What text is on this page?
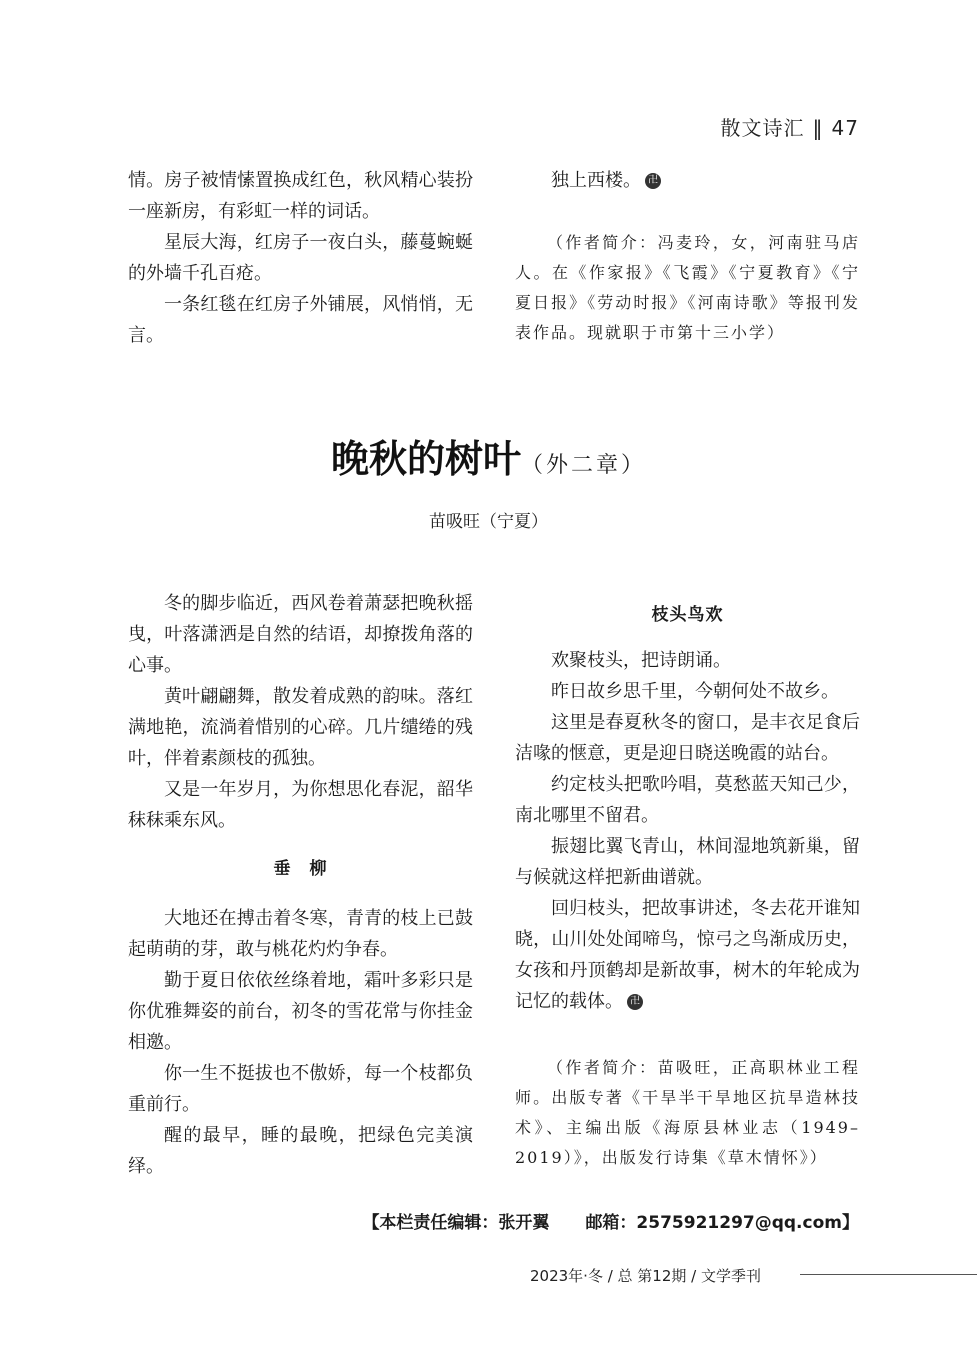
散文诗汇 ‖ 47

情。房子被情愫置换成红色，秋风精心装扮一座新房，有彩虹一样的词话。

星辰大海，红房子一夜白头，藤蔓蜿蜒的外墙千孔百疮。

一条红毯在红房子外铺展，风悄悄，无言。

独上西楼。 卍

（作者简介：冯麦玲，女，河南驻马店人。在《作家报》《飞霞》《宁夏教育》《宁夏日报》《劳动时报》《河南诗歌》等报刊发表作品。现就职于市第十三小学）

晚秋的树叶（外二章）
苗吸旺（宁夏）

冬的脚步临近，西风卷着萧瑟把晚秋摇曳，叶落潇洒是自然的结语，却撩拨角落的心事。

黄叶翩翩舞，散发着成熟的韵味。落红满地艳，流淌着惜别的心碎。几片缱绻的残叶，伴着素颜枝的孤独。

又是一年岁月，为你想思化春泥，韶华秣秣乘东风。

垂　柳

大地还在搏击着冬寒，青青的枝上已鼓起萌萌的芽，敢与桃花灼灼争春。

勤于夏日依依丝绦着地，霜叶多彩只是你优雅舞姿的前台，初冬的雪花常与你挂金相邀。

你一生不挺拔也不傲娇，每一个枝都负重前行。

醒的最早，睡的最晚，把绿色完美演绎。

枝头鸟欢

欢聚枝头，把诗朗诵。

昨日故乡思千里，今朝何处不故乡。

这里是春夏秋冬的窗口，是丰衣足食后洁喙的惬意，更是迎日晓送晚霞的站台。

约定枝头把歌吟唱，莫愁蓝天知己少，南北哪里不留君。

振翅比翼飞青山，林间湿地筑新巢，留与候就这样把新曲谱就。

回归枝头，把故事讲述，冬去花开谁知晓，山川处处闻啼鸟，惊弓之鸟渐成历史，女孩和丹顶鹤却是新故事，树木的年轮成为记忆的载体。 卍

（作者简介：苗吸旺，正高职林业工程师。出版专著《干旱半干旱地区抗旱造林技术》、主编出版《海原县林业志（1949–2019）》，出版发行诗集《草木情怀》）

【本栏责任编辑：张开翼 邮箱：2575921297@qq.com】
2023年·冬 / 总 第12期 / 文学季刊
